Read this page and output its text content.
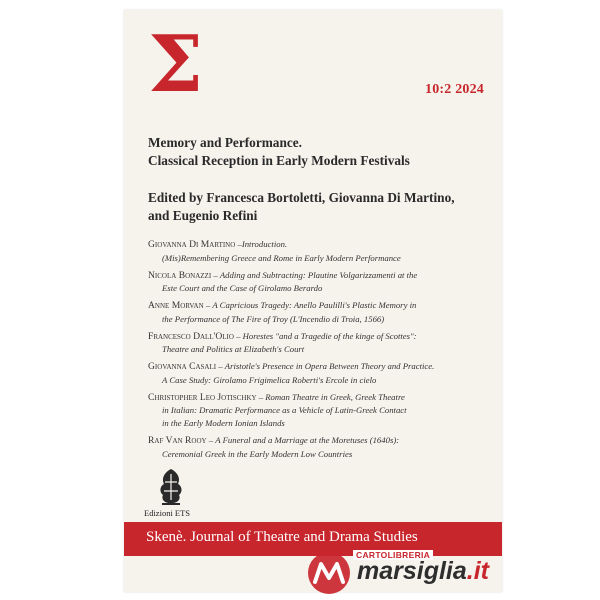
Σ	10:2 2024
Memory and Performance.
Classical Reception in Early Modern Festivals
Edited by Francesca Bortoletti, Giovanna Di Martino,
and Eugenio Refini
Giovanna Di Martino –Introduction.
(Mis)Remembering Greece and Rome in Early Modern Performance
Nicola Bonazzi – Adding and Subtracting: Plautine Volgarizzamenti at the
Este Court and the Case of Girolamo Berardo
Anne Morvan – A Capricious Tragedy: Anello Paulilli's Plastic Memory in
the Performance of The Fire of Troy (L'Incendio di Troia, 1566)
Francesco Dall'Olio – Horestes "and a Tragedie of the kinge of Scottes":
Theatre and Politics at Elizabeth's Court
Giovanna Casali – Aristotle's Presence in Opera Between Theory and Practice.
A Case Study: Girolamo Frigimelica Roberti's Ercole in cielo
Christopher Leo Jotischky – Roman Theatre in Greek, Greek Theatre
in Italian: Dramatic Performance as a Vehicle of Latin-Greek Contact
in the Early Modern Ionian Islands
Raf Van Rooy – A Funeral and a Marriage at the Moretuses (1640s):
Ceremonial Greek in the Early Modern Low Countries
Edizioni ETS
Skenè. Journal of Theatre and Drama Studies
CARTOLIBRERIA
marsiglia.it
